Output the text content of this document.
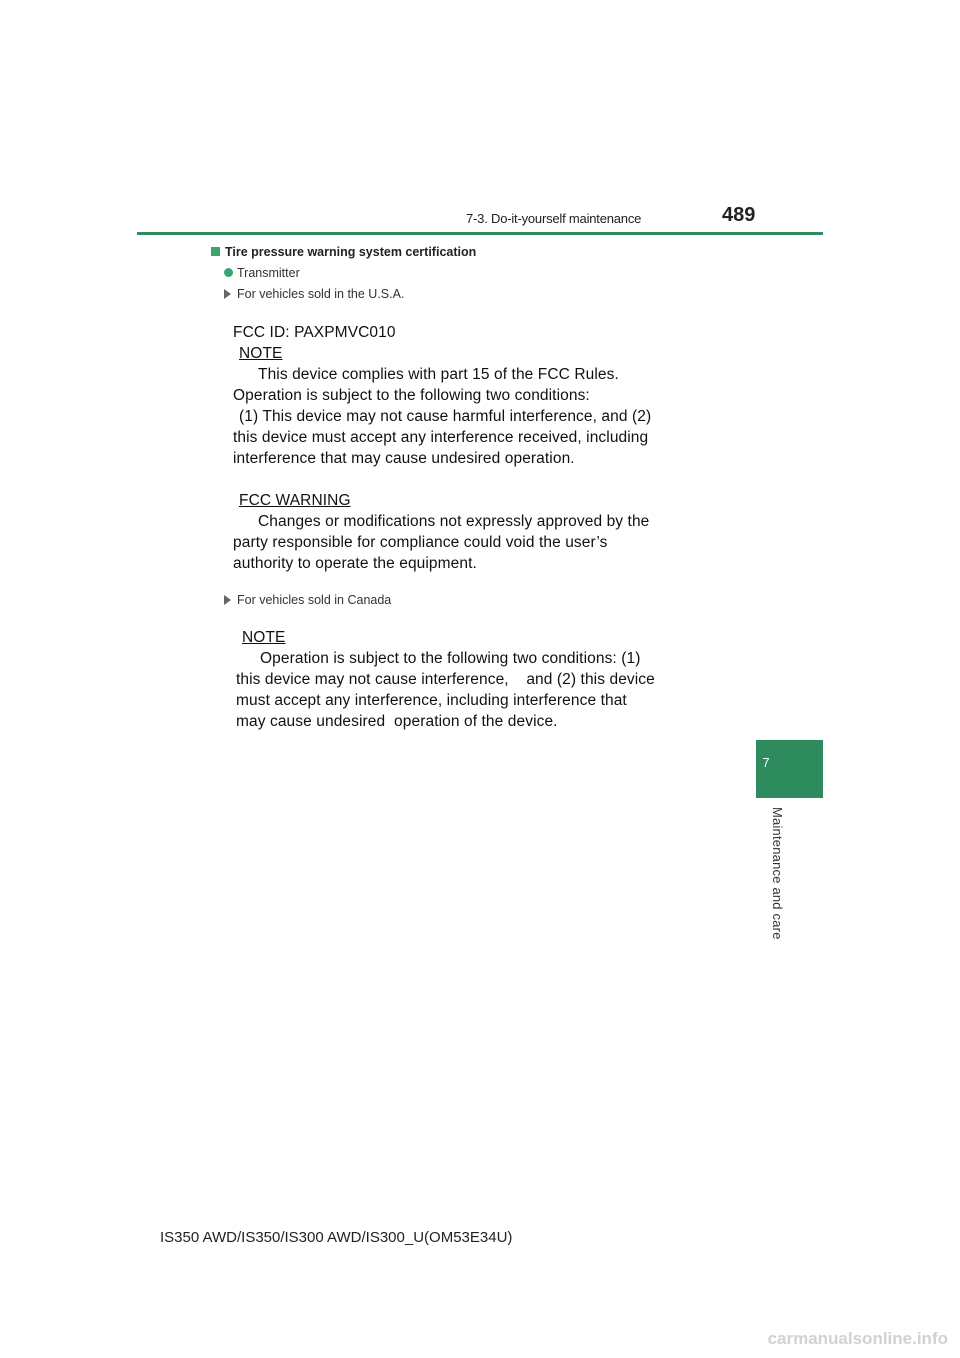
7-3. Do-it-yourself maintenance	489
Tire pressure warning system certification
Transmitter
For vehicles sold in the U.S.A.
FCC ID: PAXPMVC010
NOTE
This device complies with part 15 of the FCC Rules.
Operation is subject to the following two conditions:
(1) This device may not cause harmful interference, and (2)
this device must accept any interference received, including
interference that may cause undesired operation.
FCC WARNING
Changes or modifications not expressly approved by the
party responsible for compliance could void the user’s
authority to operate the equipment.
For vehicles sold in Canada
NOTE
Operation is subject to the following two conditions: (1)
this device may not cause interference,    and (2) this device
must accept any interference, including interference that
may cause undesired  operation of the device.
7
Maintenance and care
IS350 AWD/IS350/IS300 AWD/IS300_U(OM53E34U)
carmanualsonline.info
